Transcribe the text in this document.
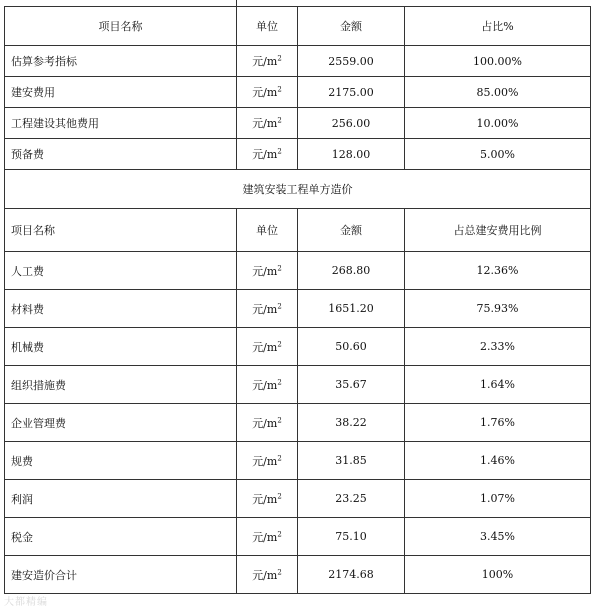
项目名称	单位	金额	占比%
估算参考指标	元$/m^2$	2559.00	100.00%
建安费用	元$/m^2$	2175.00	85.00%
工程建设其他费用	元$/m^2$	256.00	10.00%
预备费	元$/m^2$	128.00	5.00%
建筑安装工程单方造价			
项目名称	单位	金额	占总建安费用比例
人工费	元$/m^2$	268.80	12.36%
材料费	元$/m^2$	1651.20	75.93%
机械费	元$/m^2$	50.60	2.33%
组织措施费	元$/m^2$	35.67	1.64%
企业管理费	元$/m^2$	38.22	1.76%
规费	元$/m^2$	31.85	1.46%
利润	元$/m^2$	23.25	1.07%
税金	元$/m^2$	75.10	3.45%
建安造价合计	元$/m^2$	2174.68	100%
大都精编
